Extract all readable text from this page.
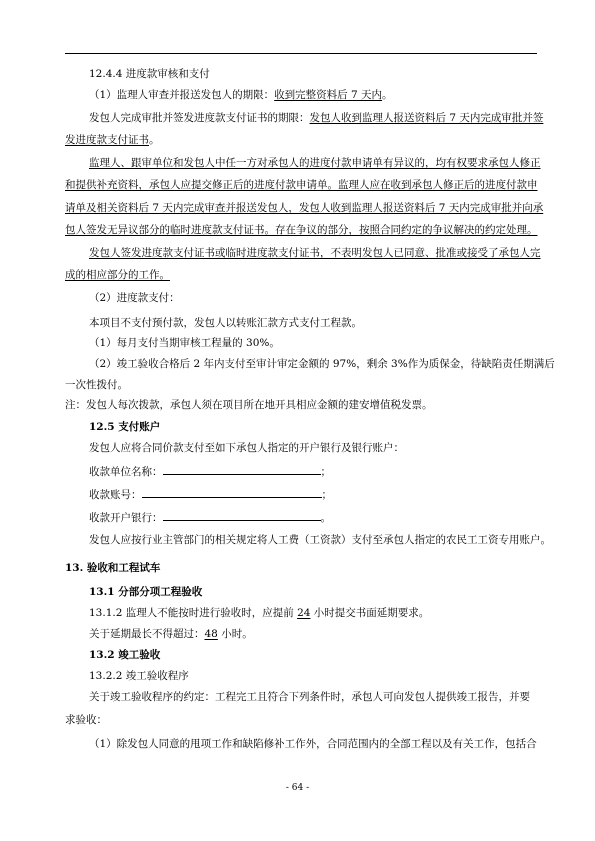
12.4.4 进度款审核和支付
（1）监理人审查并报送发包人的期限：收到完整资料后 7 天内。
发包人完成审批并签发进度款支付证书的期限：发包人收到监理人报送资料后 7 天内完成审批并签
发进度款支付证书。
监理人、跟审单位和发包人中任一方对承包人的进度付款申请单有异议的，均有权要求承包人修正
和提供补充资料，承包人应提交修正后的进度付款申请单。监理人应在收到承包人修正后的进度付款申
请单及相关资料后 7 天内完成审查并报送发包人，发包人收到监理人报送资料后 7 天内完成审批并向承
包人签发无异议部分的临时进度款支付证书。存在争议的部分，按照合同约定的争议解决的约定处理。
发包人签发进度款支付证书或临时进度款支付证书，不表明发包人已同意、批准或接受了承包人完
成的相应部分的工作。
（2）进度款支付：
本项目不支付预付款，发包人以转账汇款方式支付工程款。
（1）每月支付当期审核工程量的 30%。
（2）竣工验收合格后 2 年内支付至审计审定金额的 97%，剩余 3%作为质保金，待缺陷责任期满后
一次性拨付。
注：发包人每次拨款，承包人须在项目所在地开具相应金额的建安增值税发票。
12.5 支付账户
发包人应将合同价款支付至如下承包人指定的开户银行及银行账户：
收款单位名称：	；
收款账号：	；
收款开户银行：	。
发包人应按行业主管部门的相关规定将人工费（工资款）支付至承包人指定的农民工工资专用账户。
13. 验收和工程试车
13.1 分部分项工程验收
13.1.2 监理人不能按时进行验收时，应提前 24 小时提交书面延期要求。
关于延期最长不得超过：48 小时。
13.2 竣工验收
13.2.2 竣工验收程序
关于竣工验收程序的约定：工程完工且符合下列条件时，承包人可向发包人提供竣工报告，并要
求验收：
（1）除发包人同意的甩项工作和缺陷修补工作外，合同范围内的全部工程以及有关工作，包括合
- 64 -
